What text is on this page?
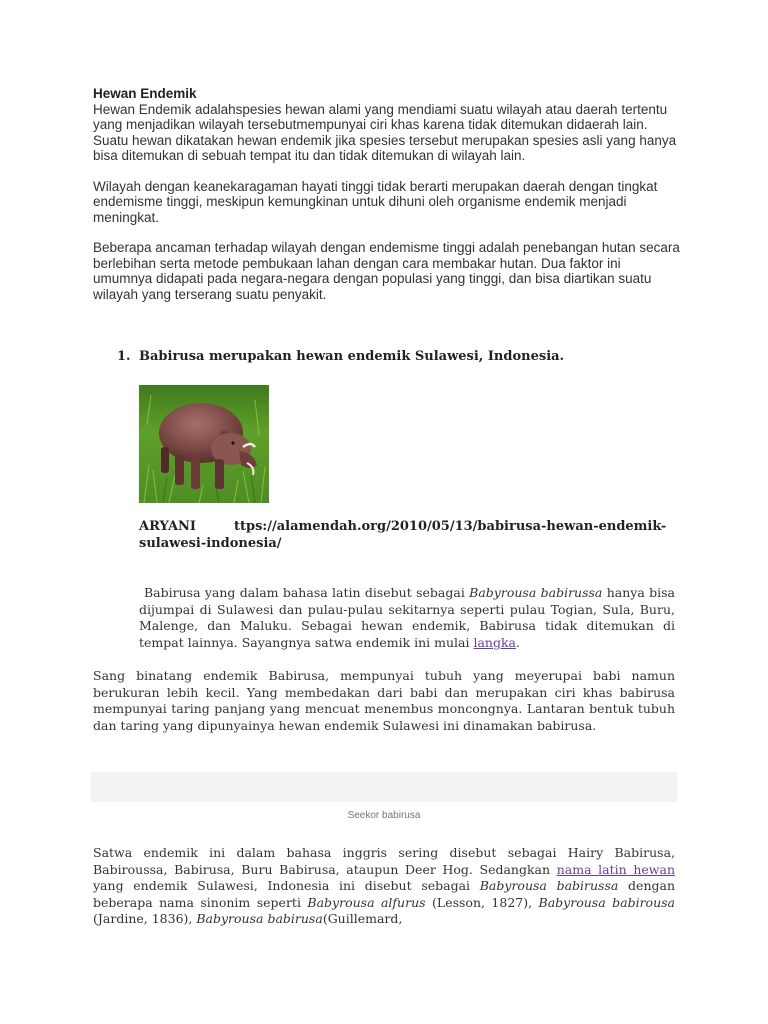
Hewan Endemik

Hewan Endemik adalahspesies hewan alami yang mendiami suatu wilayah atau daerah tertentu yang menjadikan wilayah tersebutmempunyai ciri khas karena tidak ditemukan didaerah lain. Suatu hewan dikatakan hewan endemik jika spesies tersebut merupakan spesies asli yang hanya bisa ditemukan di sebuah tempat itu dan tidak ditemukan di wilayah lain.

Wilayah dengan keanekaragaman hayati tinggi tidak berarti merupakan daerah dengan tingkat endemisme tinggi, meskipun kemungkinan untuk dihuni oleh organisme endemik menjadi meningkat.

Beberapa ancaman terhadap wilayah dengan endemisme tinggi adalah penebangan hutan secara berlebihan serta metode pembukaan lahan dengan cara membakar hutan. Dua faktor ini umumnya didapati pada negara-negara dengan populasi yang tinggi, dan bisa diartikan suatu wilayah yang terserang suatu penyakit.

1. Babirusa merupakan hewan endemik Sulawesi, Indonesia.
ARYANI	ttps://alamendah.org/2010/05/13/babirusa-hewan-endemik-sulawesi-indonesia/
Babirusa yang dalam bahasa latin disebut sebagai Babyrousa babirussa hanya bisa dijumpai di Sulawesi dan pulau-pulau sekitarnya seperti pulau Togian, Sula, Buru, Malenge, dan Maluku. Sebagai hewan endemik, Babirusa tidak ditemukan di tempat lainnya. Sayangnya satwa endemik ini mulai langka.
Sang binatang endemik Babirusa, mempunyai tubuh yang meyerupai babi namun berukuran lebih kecil. Yang membedakan dari babi dan merupakan ciri khas babirusa mempunyai taring panjang yang mencuat menembus moncongnya. Lantaran bentuk tubuh dan taring yang dipunyainya hewan endemik Sulawesi ini dinamakan babirusa.
Seekor babirusa
Satwa endemik ini dalam bahasa inggris sering disebut sebagai Hairy Babirusa, Babiroussa, Babirusa, Buru Babirusa, ataupun Deer Hog. Sedangkan nama latin hewan yang endemik Sulawesi, Indonesia ini disebut sebagai Babyrousa babirussa dengan beberapa nama sinonim seperti Babyrousa alfurus (Lesson, 1827), Babyrousa babirousa (Jardine, 1836), Babyrousa babirusa(Guillemard,
